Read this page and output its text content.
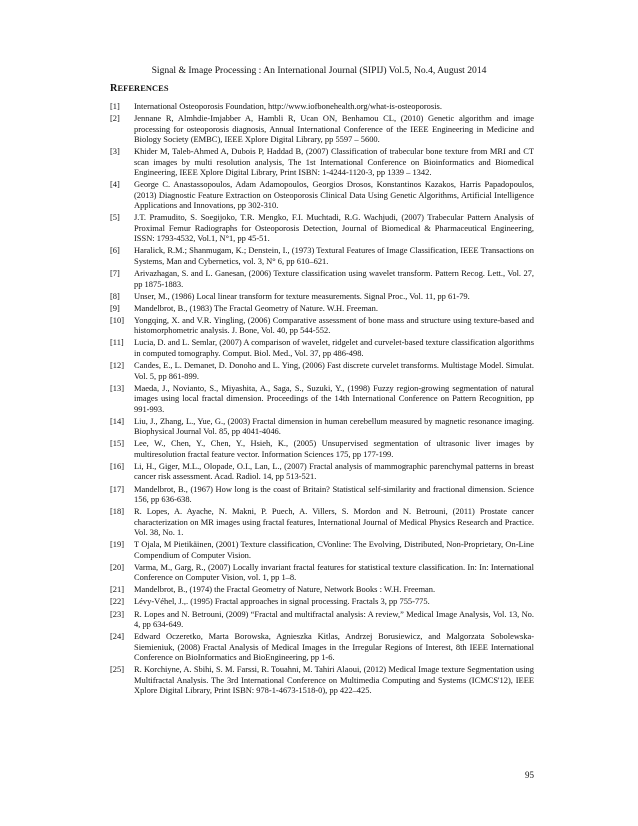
Signal & Image Processing : An International Journal (SIPIJ) Vol.5, No.4, August 2014
REFERENCES
[1]	International Osteoporosis Foundation, http://www.iofbonehealth.org/what-is-osteoporosis.
[2]	Jennane R, Almhdie-Imjabber A, Hambli R, Ucan ON, Benhamou CL, (2010) Genetic algorithm and image processing for osteoporosis diagnosis, Annual International Conference of the IEEE Engineering in Medicine and Biology Society (EMBC), IEEE Xplore Digital Library, pp 5597 – 5600.
[3]	Khider M, Taleb-Ahmed A, Dubois P, Haddad B, (2007) Classification of trabecular bone texture from MRI and CT scan images by multi resolution analysis, The 1st International Conference on Bioinformatics and Biomedical Engineering, IEEE Xplore Digital Library, Print ISBN: 1-4244-1120-3, pp 1339 – 1342.
[4]	George C. Anastassopoulos, Adam Adamopoulos, Georgios Drosos, Konstantinos Kazakos, Harris Papadopoulos, (2013) Diagnostic Feature Extraction on Osteoporosis Clinical Data Using Genetic Algorithms, Artificial Intelligence Applications and Innovations, pp 302-310.
[5]	J.T. Pramudito, S. Soegijoko, T.R. Mengko, F.I. Muchtadi, R.G. Wachjudi, (2007) Trabecular Pattern Analysis of Proximal Femur Radiographs for Osteoporosis Detection, Journal of Biomedical & Pharmaceutical Engineering, ISSN: 1793-4532, Vol.1, N°1, pp 45-51.
[6]	Haralick, R.M.; Shanmugam, K.; Denstein, I., (1973) Textural Features of Image Classification, IEEE Transactions on Systems, Man and Cybernetics, vol. 3, N° 6, pp 610–621.
[7]	Arivazhagan, S. and L. Ganesan, (2006) Texture classification using wavelet transform. Pattern Recog. Lett., Vol. 27, pp 1875-1883.
[8]	Unser, M., (1986) Local linear transform for texture measurements. Signal Proc., Vol. 11, pp 61-79.
[9]	Mandelbrot, B., (1983) The Fractal Geometry of Nature. W.H. Freeman.
[10]	Yongqing, X. and V.R. Yingling, (2006) Comparative assessment of bone mass and structure using texture-based and histomorphometric analysis. J. Bone, Vol. 40, pp 544-552.
[11]	Lucia, D. and L. Semlar, (2007) A comparison of wavelet, ridgelet and curvelet-based texture classification algorithms in computed tomography. Comput. Biol. Med., Vol. 37, pp 486-498.
[12]	Candes, E., L. Demanet, D. Donoho and L. Ying, (2006) Fast discrete curvelet transforms. Multistage Model. Simulat. Vol. 5, pp 861-899.
[13]	Maeda, J., Novianto, S., Miyashita, A., Saga, S., Suzuki, Y., (1998) Fuzzy region-growing segmentation of natural images using local fractal dimension. Proceedings of the 14th International Conference on Pattern Recognition, pp 991-993.
[14]	Liu, J., Zhang, L., Yue, G., (2003) Fractal dimension in human cerebellum measured by magnetic resonance imaging. Biophysical Journal Vol. 85, pp 4041-4046.
[15]	Lee, W., Chen, Y., Chen, Y., Hsieh, K., (2005) Unsupervised segmentation of ultrasonic liver images by multiresolution fractal feature vector. Information Sciences 175, pp 177-199.
[16]	Li, H., Giger, M.L., Olopade, O.I., Lan, L., (2007) Fractal analysis of mammographic parenchymal patterns in breast cancer risk assessment. Acad. Radiol. 14, pp 513-521.
[17]	Mandelbrot, B., (1967) How long is the coast of Britain? Statistical self-similarity and fractional dimension. Science 156, pp 636-638.
[18]	R. Lopes, A. Ayache, N. Makni, P. Puech, A. Villers, S. Mordon and N. Betrouni, (2011) Prostate cancer characterization on MR images using fractal features, International Journal of Medical Physics Research and Practice. Vol. 38, No. 1.
[19]	T Ojala, M Pietikäinen, (2001) Texture classification, CVonline: The Evolving, Distributed, Non-Proprietary, On-Line Compendium of Computer Vision.
[20]	Varma, M., Garg, R., (2007) Locally invariant fractal features for statistical texture classification. In: In: International Conference on Computer Vision, vol. 1, pp 1–8.
[21]	Mandelbrot, B., (1974) the Fractal Geometry of Nature, Network Books : W.H. Freeman.
[22]	Lévy-Véhel, J.,. (1995) Fractal approaches in signal processing. Fractals 3, pp 755-775.
[23]	R. Lopes and N. Betrouni, (2009) “Fractal and multifractal analysis: A review,” Medical Image Analysis, Vol. 13, No. 4, pp 634-649.
[24]	Edward Oczeretko, Marta Borowska, Agnieszka Kitlas, Andrzej Borusiewicz, and Malgorzata Sobolewska-Siemieniuk, (2008) Fractal Analysis of Medical Images in the Irregular Regions of Interest, 8th IEEE International Conference on BioInformatics and BioEngineering, pp 1-6.
[25]	R. Korchiyne, A. Sbihi, S. M. Farssi, R. Touahni, M. Tahiri Alaoui, (2012) Medical Image texture Segmentation using Multifractal Analysis. The 3rd International Conference on Multimedia Computing and Systems (ICMCS'12), IEEE Xplore Digital Library, Print ISBN: 978-1-4673-1518-0), pp 422–425.
95
